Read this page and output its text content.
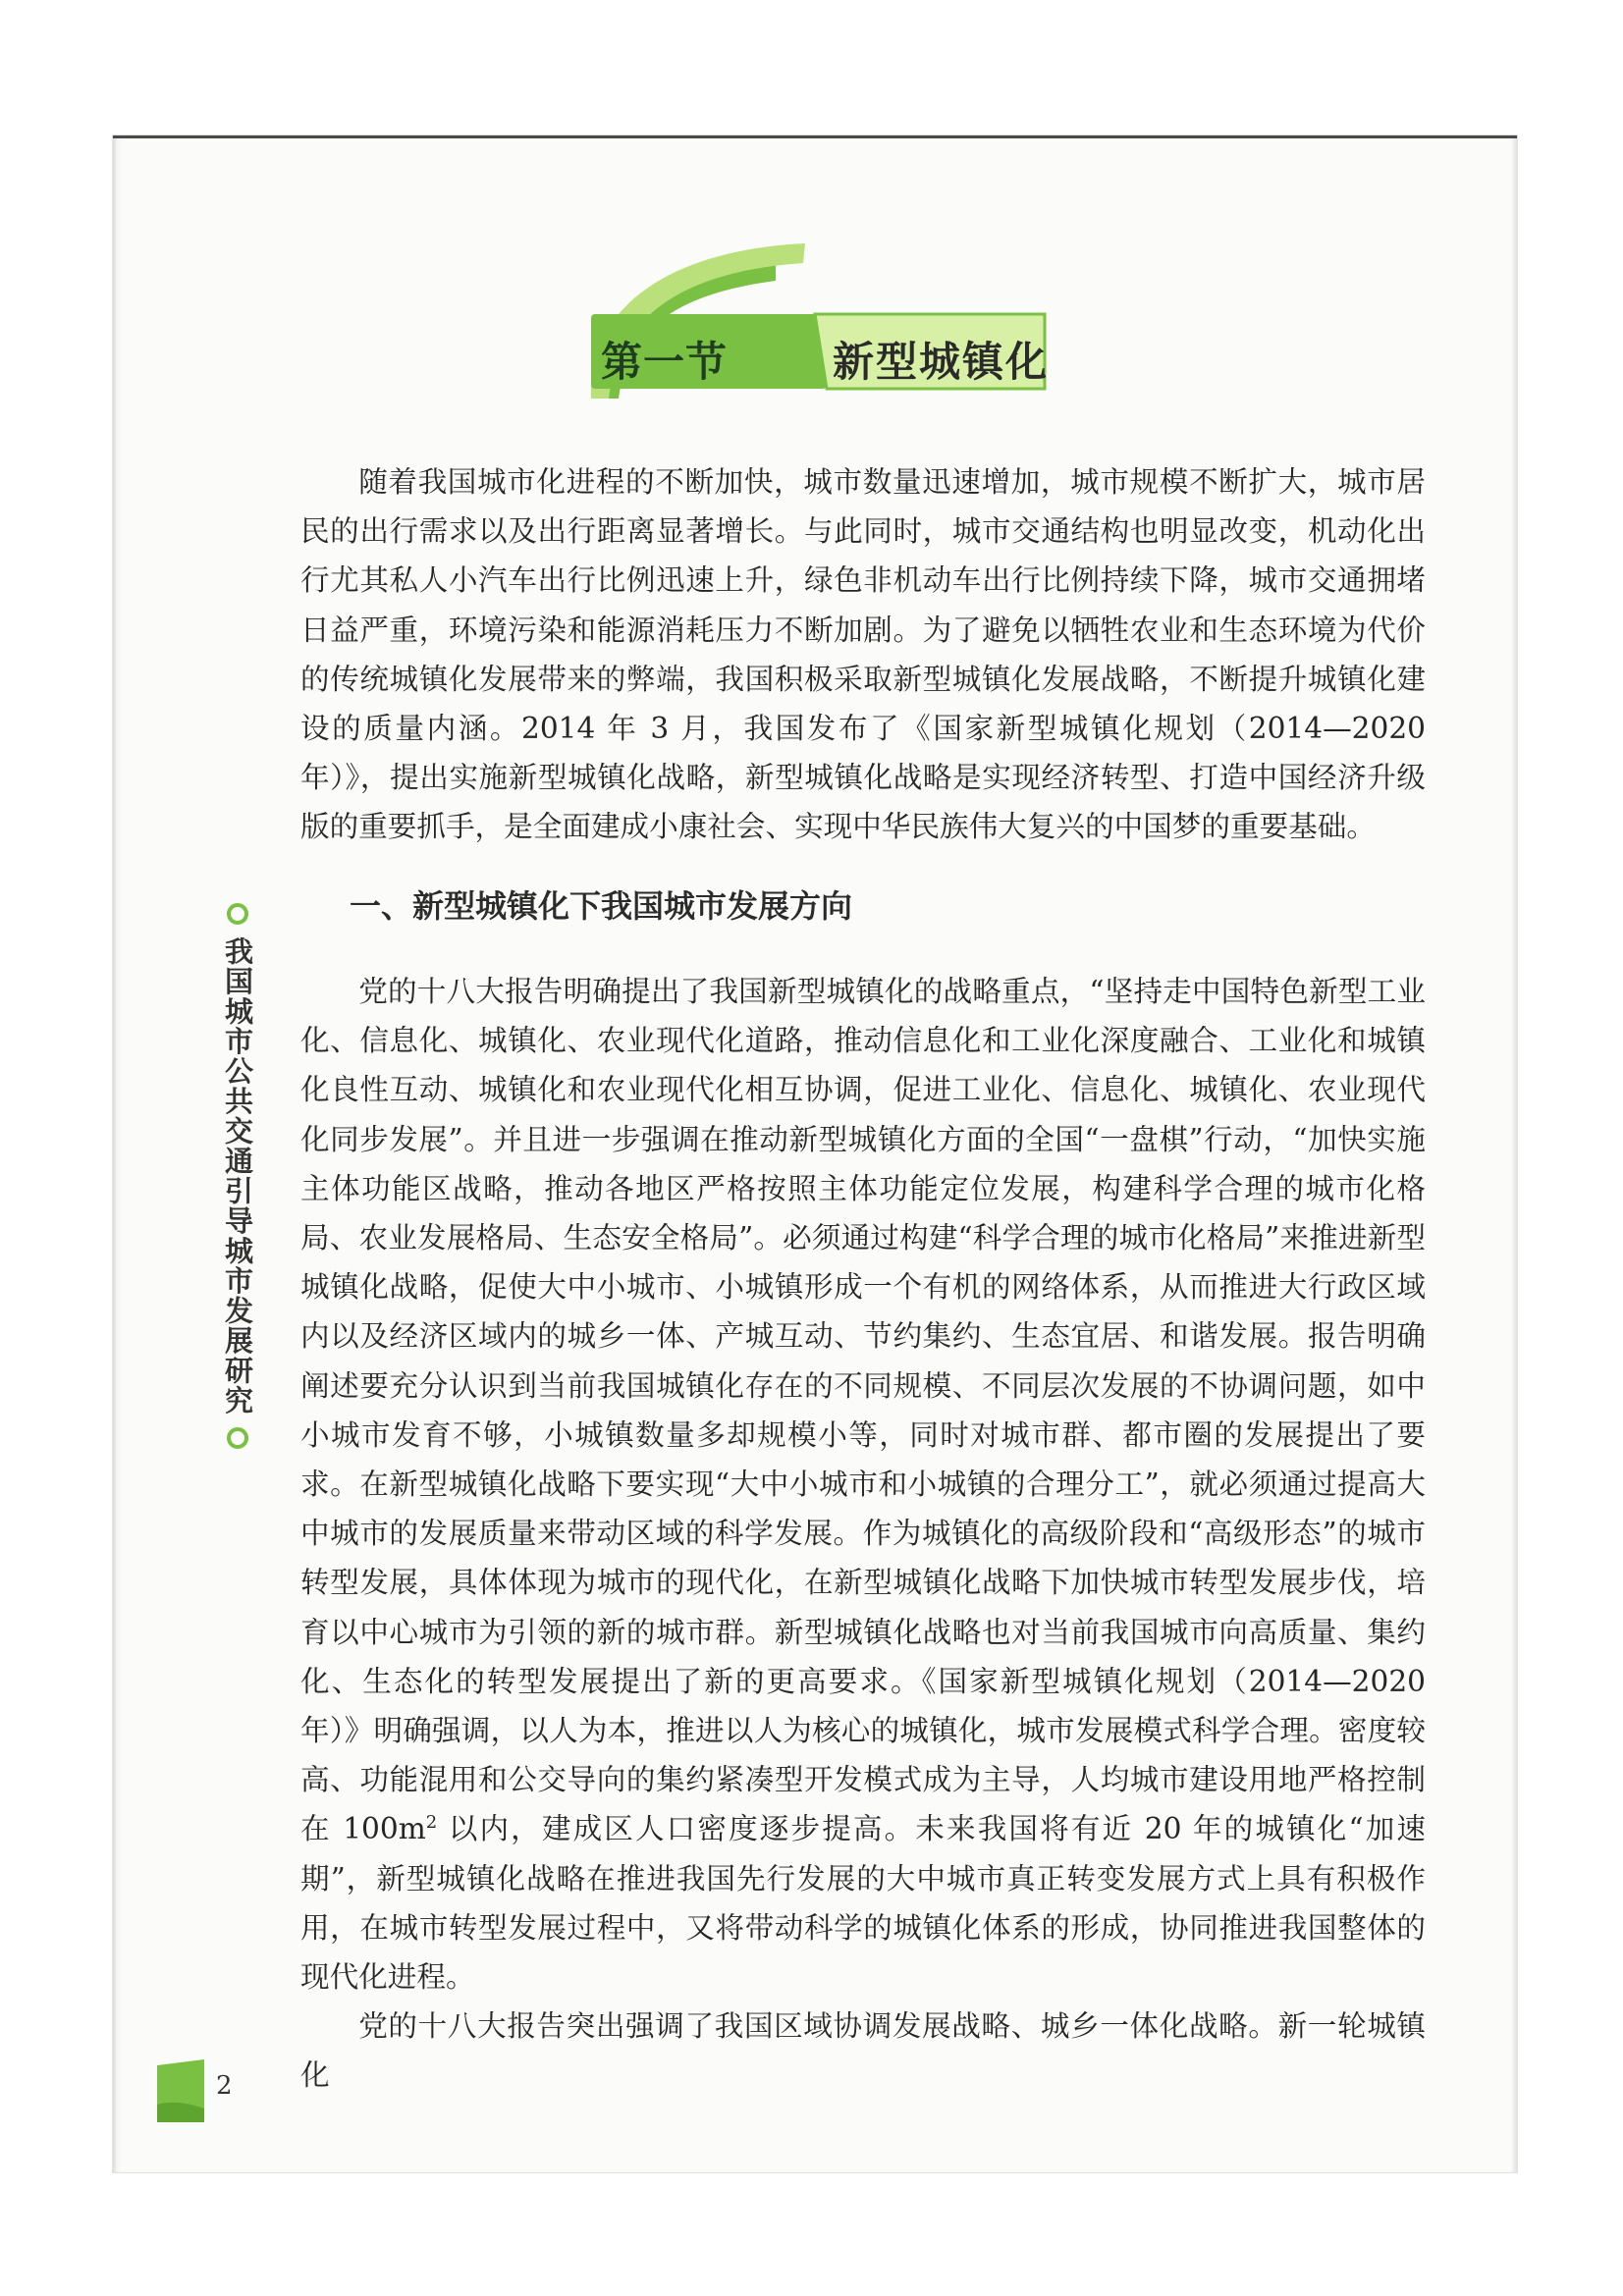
第一节	新型城镇化

随着我国城市化进程的不断加快，城市数量迅速增加，城市规模不断扩大，城市居民的出行需求以及出行距离显著增长。与此同时，城市交通结构也明显改变，机动化出行尤其私人小汽车出行比例迅速上升，绿色非机动车出行比例持续下降，城市交通拥堵日益严重，环境污染和能源消耗压力不断加剧。为了避免以牺牲农业和生态环境为代价的传统城镇化发展带来的弊端，我国积极采取新型城镇化发展战略，不断提升城镇化建设的质量内涵。2014 年 3 月，我国发布了《国家新型城镇化规划（2014—2020 年）》，提出实施新型城镇化战略，新型城镇化战略是实现经济转型、打造中国经济升级版的重要抓手，是全面建成小康社会、实现中华民族伟大复兴的中国梦的重要基础。

一、新型城镇化下我国城市发展方向

党的十八大报告明确提出了我国新型城镇化的战略重点，“坚持走中国特色新型工业化、信息化、城镇化、农业现代化道路，推动信息化和工业化深度融合、工业化和城镇化良性互动、城镇化和农业现代化相互协调，促进工业化、信息化、城镇化、农业现代化同步发展”。并且进一步强调在推动新型城镇化方面的全国“一盘棋”行动，“加快实施主体功能区战略，推动各地区严格按照主体功能定位发展，构建科学合理的城市化格局、农业发展格局、生态安全格局”。必须通过构建“科学合理的城市化格局”来推进新型城镇化战略，促使大中小城市、小城镇形成一个有机的网络体系，从而推进大行政区域内以及经济区域内的城乡一体、产城互动、节约集约、生态宜居、和谐发展。报告明确阐述要充分认识到当前我国城镇化存在的不同规模、不同层次发展的不协调问题，如中小城市发育不够，小城镇数量多却规模小等，同时对城市群、都市圈的发展提出了要求。在新型城镇化战略下要实现“大中小城市和小城镇的合理分工”，就必须通过提高大中城市的发展质量来带动区域的科学发展。作为城镇化的高级阶段和“高级形态”的城市转型发展，具体体现为城市的现代化，在新型城镇化战略下加快城市转型发展步伐，培育以中心城市为引领的新的城市群。新型城镇化战略也对当前我国城市向高质量、集约化、生态化的转型发展提出了新的更高要求。《国家新型城镇化规划（2014—2020 年）》明确强调，以人为本，推进以人为核心的城镇化，城市发展模式科学合理。密度较高、功能混用和公交导向的集约紧凑型开发模式成为主导，人均城市建设用地严格控制在 $100m^2$ 以内，建成区人口密度逐步提高。未来我国将有近 20 年的城镇化“加速期”，新型城镇化战略在推进我国先行发展的大中城市真正转变发展方式上具有积极作用，在城市转型发展过程中，又将带动科学的城镇化体系的形成，协同推进我国整体的现代化进程。

党的十八大报告突出强调了我国区域协调发展战略、城乡一体化战略。新一轮城镇化

我国城市公共交通引导城市发展研究
2
